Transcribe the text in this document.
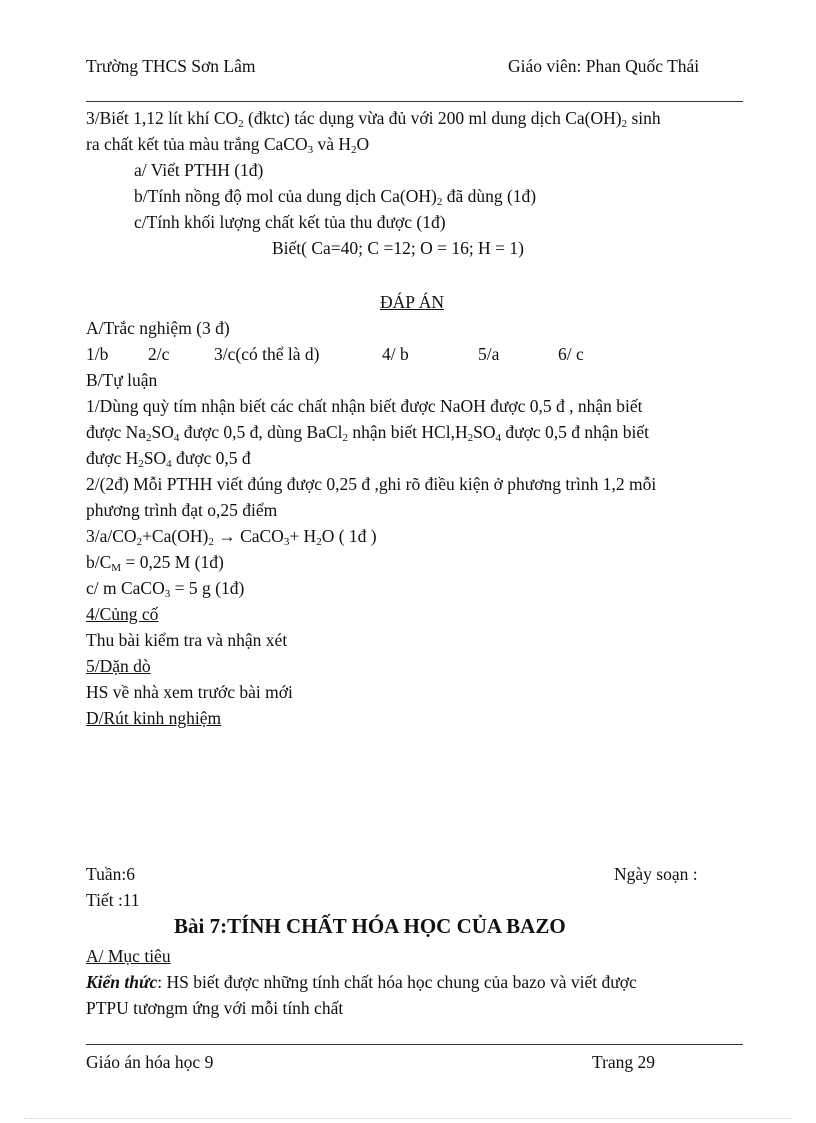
Trường THCS Sơn Lâm	Giáo viên: Phan Quốc Thái
3/Biết 1,12 lít khí $CO_2$ (đktc) tác dụng vừa đủ với 200 ml dung dịch $Ca(OH)_2$ sinh
ra chất kết tủa màu trắng CaCO$_3$ và $H_2O$
a/ Viết PTHH (1đ)
b/Tính nồng độ mol của dung dịch $Ca(OH)_2$ đã dùng (1đ)
c/Tính khối lượng chất kết tủa thu được (1đ)
Biết( Ca=40; C =12; O = 16; H = 1)
ĐÁP ÁN
A/Trắc nghiệm (3 đ)
1/b 2/c	3/c(có thể là d)	4/ b	5/a	6/ c
B/Tự luận
1/Dùng quỳ tím nhận biết các chất nhận biết được NaOH được 0,5 đ , nhận biết
được $Na_2SO_4$ được 0,5 đ, dùng BaCl$_2$ nhận biết $HCl,H_2SO_4$ được 0,5 đ nhận biết
được $H_2SO_4$ được 0,5 đ
2/(2đ) Mỗi PTHH viết đúng được 0,25 đ ,ghi rõ điều kiện ở phương trình 1,2 mỗi
phương trình đạt o,25 điểm
$3/a/CO_2+Ca(OH)_2$ → CaCO$_3$+ $H_2O$ ( 1đ )
$b/C_M = 0,25$ M (1đ)
c/ m CaCO$_3$ = 5 g (1đ)
4/Củng cố
Thu bài kiểm tra và nhận xét
5/Dặn dò
HS về nhà xem trước bài mới
D/Rút kinh nghiệm
Tuần:6	Ngày soạn :
Tiết :11
Bài 7:TÍNH CHẤT HÓA HỌC CỦA BAZO
A/ Mục tiêu
Kiến thức: HS biết được những tính chất hóa học chung của bazo và viết được
PTPU tươngm ứng với mỗi tính chất
Giáo án hóa học 9	Trang 29
